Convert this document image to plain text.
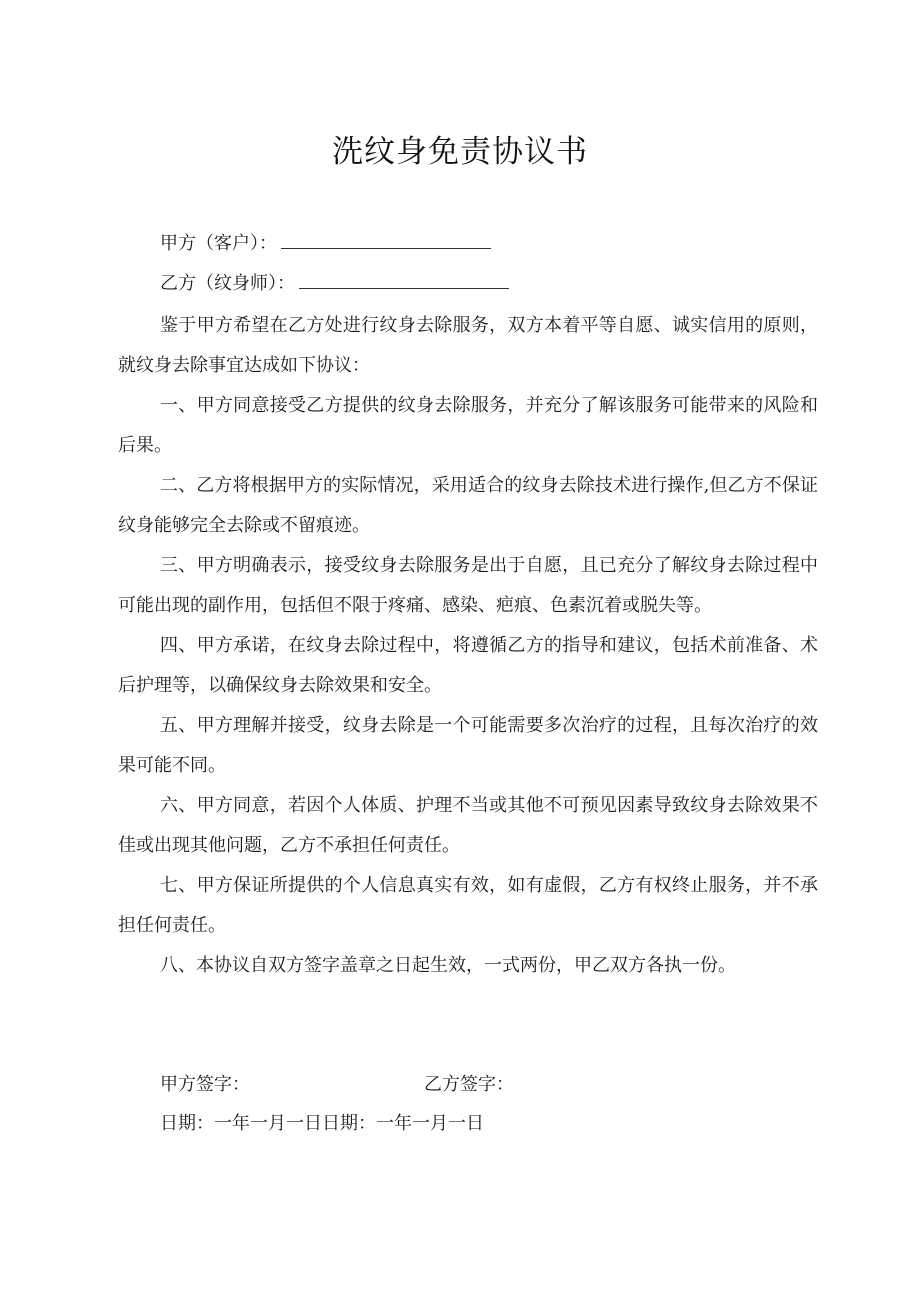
洗纹身免责协议书
甲方（客户）：
乙方（纹身师）：

鉴于甲方希望在乙方处进行纹身去除服务，双方本着平等自愿、诚实信用的原则，就纹身去除事宜达成如下协议：

一、甲方同意接受乙方提供的纹身去除服务，并充分了解该服务可能带来的风险和后果。

二、乙方将根据甲方的实际情况，采用适合的纹身去除技术进行操作,但乙方不保证纹身能够完全去除或不留痕迹。

三、甲方明确表示，接受纹身去除服务是出于自愿，且已充分了解纹身去除过程中可能出现的副作用，包括但不限于疼痛、感染、疤痕、色素沉着或脱失等。

四、甲方承诺，在纹身去除过程中，将遵循乙方的指导和建议，包括术前准备、术后护理等，以确保纹身去除效果和安全。

五、甲方理解并接受，纹身去除是一个可能需要多次治疗的过程，且每次治疗的效果可能不同。

六、甲方同意，若因个人体质、护理不当或其他不可预见因素导致纹身去除效果不佳或出现其他问题，乙方不承担任何责任。

七、甲方保证所提供的个人信息真实有效，如有虚假，乙方有权终止服务，并不承担任何责任。

八、本协议自双方签字盖章之日起生效，一式两份，甲乙双方各执一份。

甲方签字：	乙方签字：
日期：一年一月一日日期：一年一月一日
